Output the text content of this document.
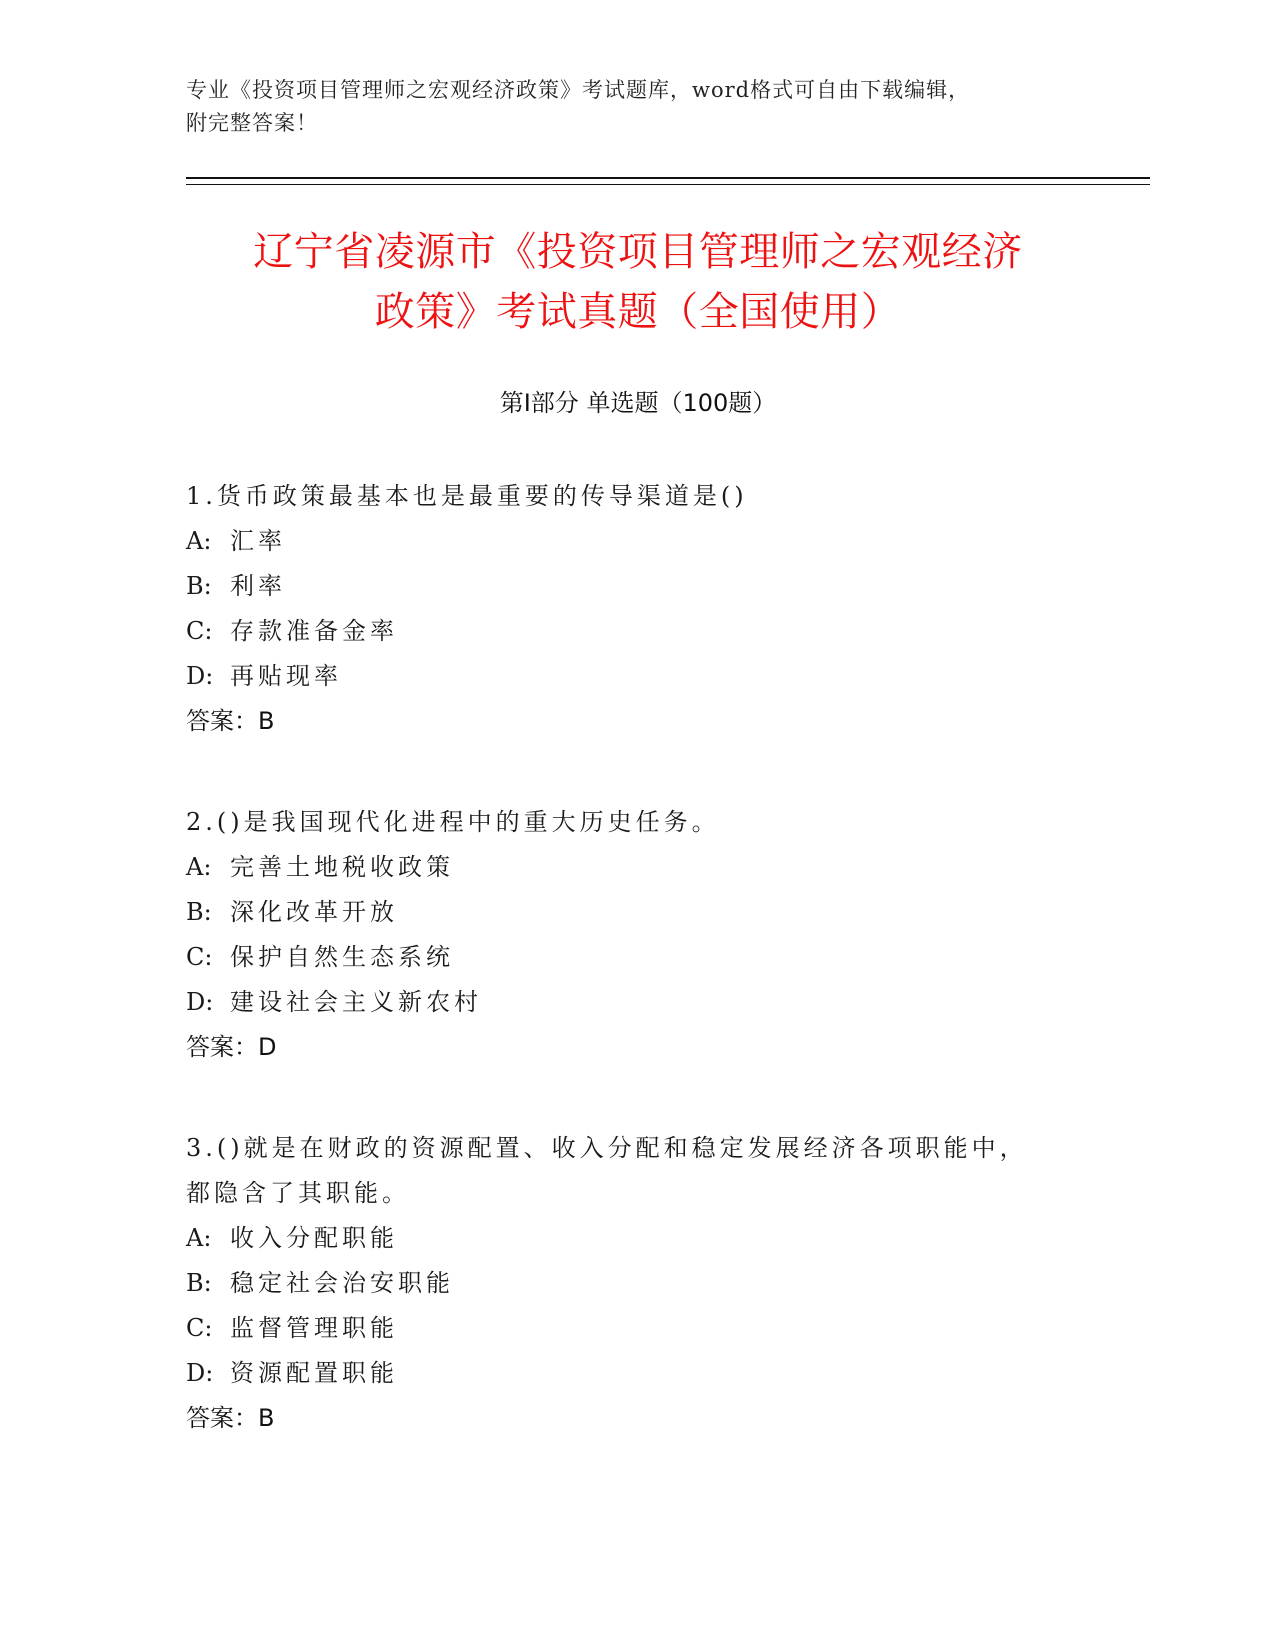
专业《投资项目管理师之宏观经济政策》考试题库，word格式可自由下载编辑，
附完整答案！
辽宁省凌源市《投资项目管理师之宏观经济
政策》考试真题（全国使用）
第Ⅰ部分 单选题（100题）
1.货币政策最基本也是最重要的传导渠道是()
A: 汇率
B: 利率
C: 存款准备金率
D: 再贴现率
答案：B
2.()是我国现代化进程中的重大历史任务。
A: 完善土地税收政策
B: 深化改革开放
C: 保护自然生态系统
D: 建设社会主义新农村
答案：D
3.()就是在财政的资源配置、收入分配和稳定发展经济各项职能中，
都隐含了其职能。
A: 收入分配职能
B: 稳定社会治安职能
C: 监督管理职能
D: 资源配置职能
答案：B
